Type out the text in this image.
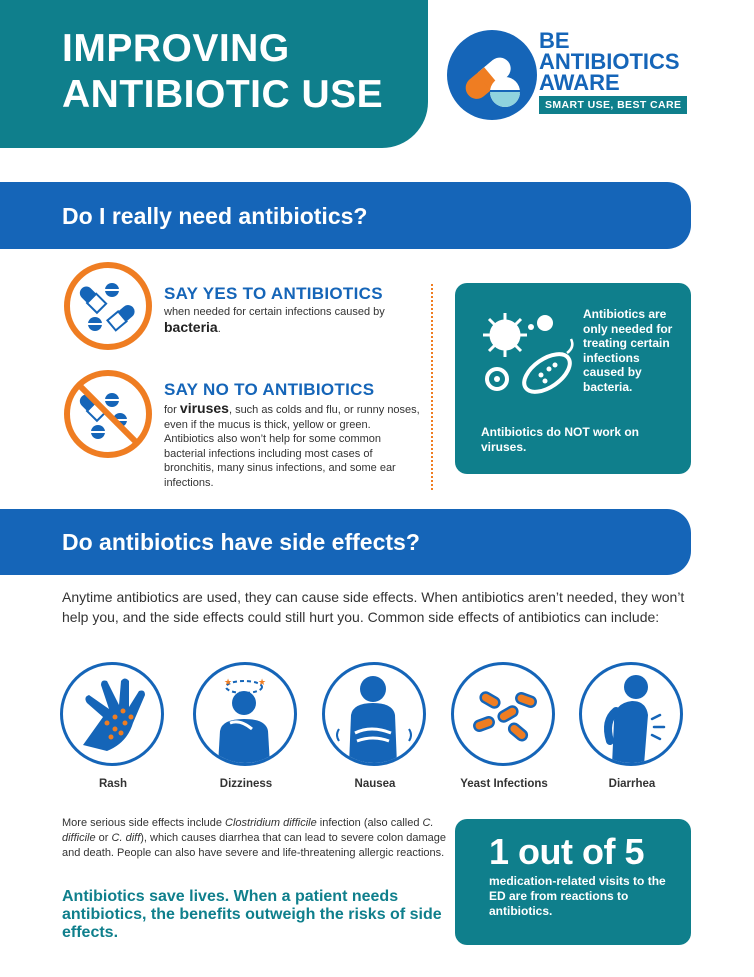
IMPROVING
ANTIBIOTIC USE
BE
ANTIBIOTICS
AWARE
SMART USE, BEST CARE
Do I really need antibiotics?
SAY YES TO ANTIBIOTICS
when needed for certain infections caused by bacteria.
SAY NO TO ANTIBIOTICS
for viruses, such as colds and flu, or runny noses, even if the mucus is thick, yellow or green. Antibiotics also won’t help for some common bacterial infections including most cases of bronchitis, many sinus infections, and some ear infections.
Antibiotics are only needed for treating certain infections caused by bacteria.
Antibiotics do NOT work on viruses.
Do antibiotics have side effects?
Anytime antibiotics are used, they can cause side effects. When antibiotics aren’t needed, they won’t help you, and the side effects could still hurt you. Common side effects of antibiotics can include:
Rash
★	★
Dizziness	Nausea	Yeast Infections	Diarrhea
More serious side effects include Clostridium difficile infection (also called C. difficile or C. diff), which causes diarrhea that can lead to severe colon damage and death. People can also have severe and life-threatening allergic reactions.
Antibiotics save lives. When a patient needs antibiotics, the benefits outweigh the risks of side effects.
1 out of 5
medication-related visits to the ED are from reactions to antibiotics.
